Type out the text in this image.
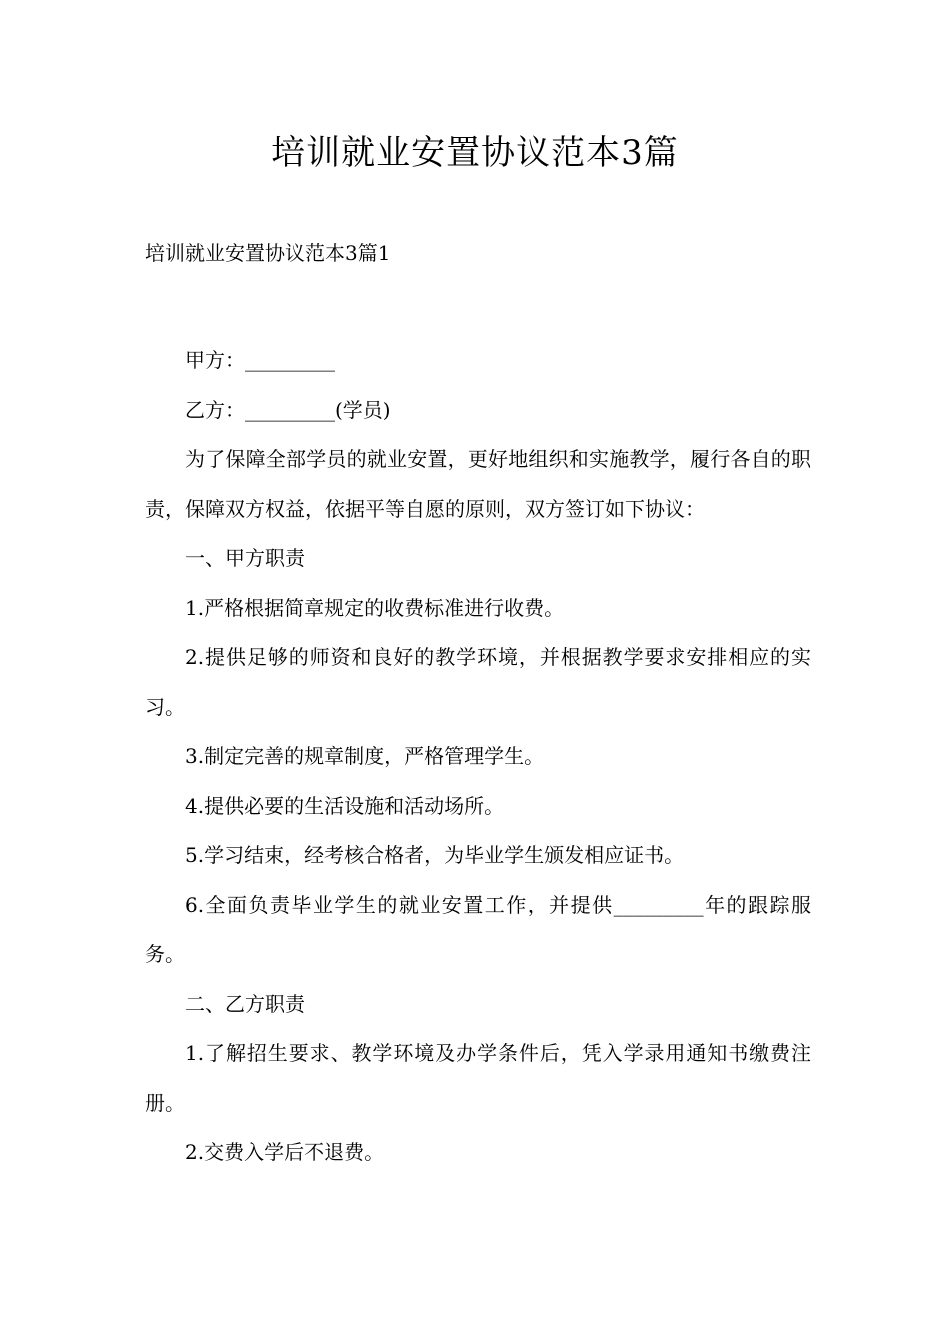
培训就业安置协议范本3篇
培训就业安置协议范本3篇1

甲方：_________

乙方：_________(学员)

为了保障全部学员的就业安置，更好地组织和实施教学，履行各自的职责，保障双方权益，依据平等自愿的原则，双方签订如下协议：

一、甲方职责

1.严格根据简章规定的收费标准进行收费。

2.提供足够的师资和良好的教学环境，并根据教学要求安排相应的实习。

3.制定完善的规章制度，严格管理学生。

4.提供必要的生活设施和活动场所。

5.学习结束，经考核合格者，为毕业学生颁发相应证书。

6.全面负责毕业学生的就业安置工作，并提供_________年的跟踪服务。

二、乙方职责

1.了解招生要求、教学环境及办学条件后，凭入学录用通知书缴费注册。

2.交费入学后不退费。
